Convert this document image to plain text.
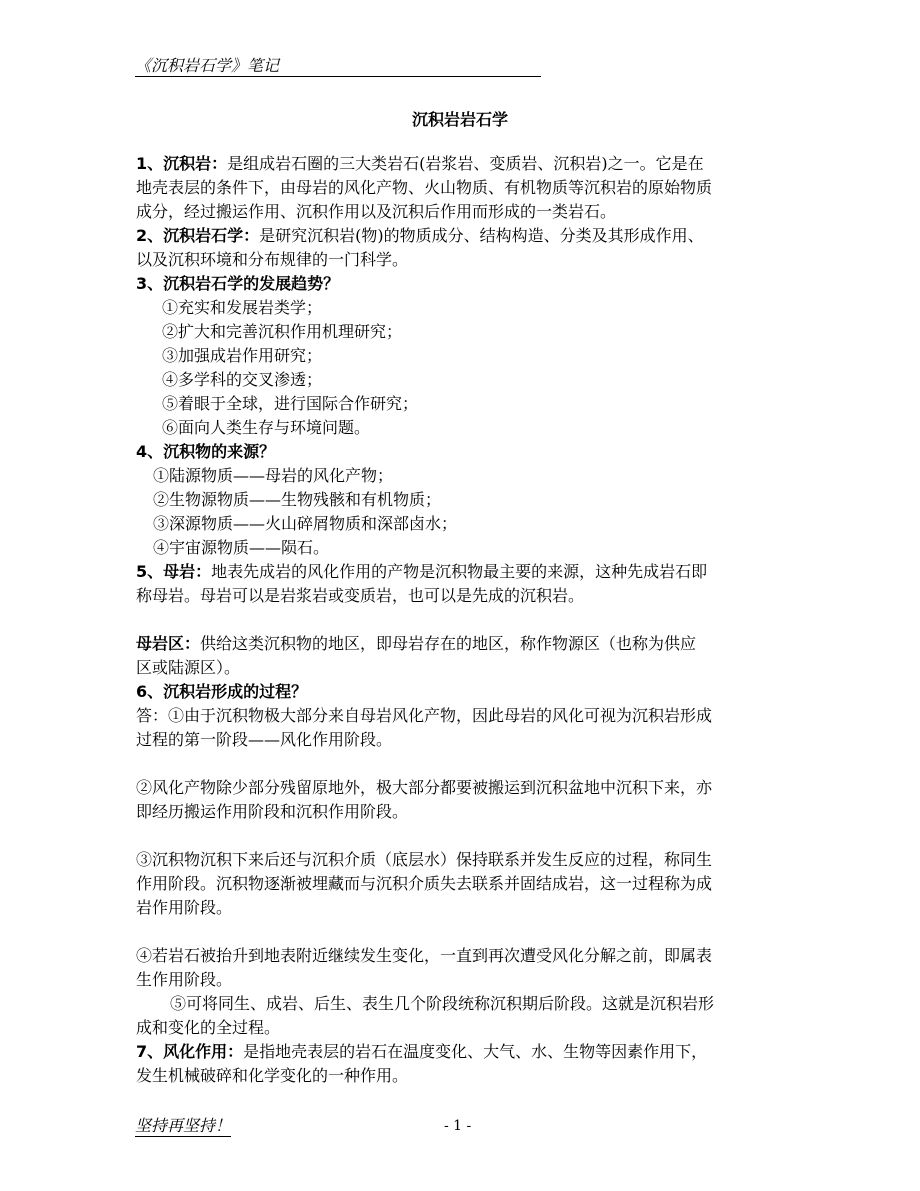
《沉积岩石学》笔记
沉积岩岩石学

1、沉积岩：是组成岩石圈的三大类岩石(岩浆岩、变质岩、沉积岩)之一。它是在

地壳表层的条件下，由母岩的风化产物、火山物质、有机物质等沉积岩的原始物质

成分，经过搬运作用、沉积作用以及沉积后作用而形成的一类岩石。

2、沉积岩石学：是研究沉积岩(物)的物质成分、结构构造、分类及其形成作用、

以及沉积环境和分布规律的一门科学。

3、沉积岩石学的发展趋势？

①充实和发展岩类学；

②扩大和完善沉积作用机理研究；

③加强成岩作用研究；

④多学科的交叉渗透；

⑤着眼于全球，进行国际合作研究；

⑥面向人类生存与环境问题。

4、沉积物的来源？

①陆源物质——母岩的风化产物；

②生物源物质——生物残骸和有机物质；

③深源物质——火山碎屑物质和深部卤水；

④宇宙源物质——陨石。

5、母岩：地表先成岩的风化作用的产物是沉积物最主要的来源，这种先成岩石即

称母岩。母岩可以是岩浆岩或变质岩，也可以是先成的沉积岩。

母岩区：供给这类沉积物的地区，即母岩存在的地区，称作物源区（也称为供应

区或陆源区）。

6、沉积岩形成的过程？

答：①由于沉积物极大部分来自母岩风化产物，因此母岩的风化可视为沉积岩形成

过程的第一阶段——风化作用阶段。

②风化产物除少部分残留原地外，极大部分都要被搬运到沉积盆地中沉积下来，亦

即经历搬运作用阶段和沉积作用阶段。

③沉积物沉积下来后还与沉积介质（底层水）保持联系并发生反应的过程，称同生

作用阶段。沉积物逐渐被埋藏而与沉积介质失去联系并固结成岩，这一过程称为成

岩作用阶段。

④若岩石被抬升到地表附近继续发生变化，一直到再次遭受风化分解之前，即属表

生作用阶段。

⑤可将同生、成岩、后生、表生几个阶段统称沉积期后阶段。这就是沉积岩形

成和变化的全过程。

7、风化作用：是指地壳表层的岩石在温度变化、大气、水、生物等因素作用下，

发生机械破碎和化学变化的一种作用。

坚持再坚持！	- 1 -
